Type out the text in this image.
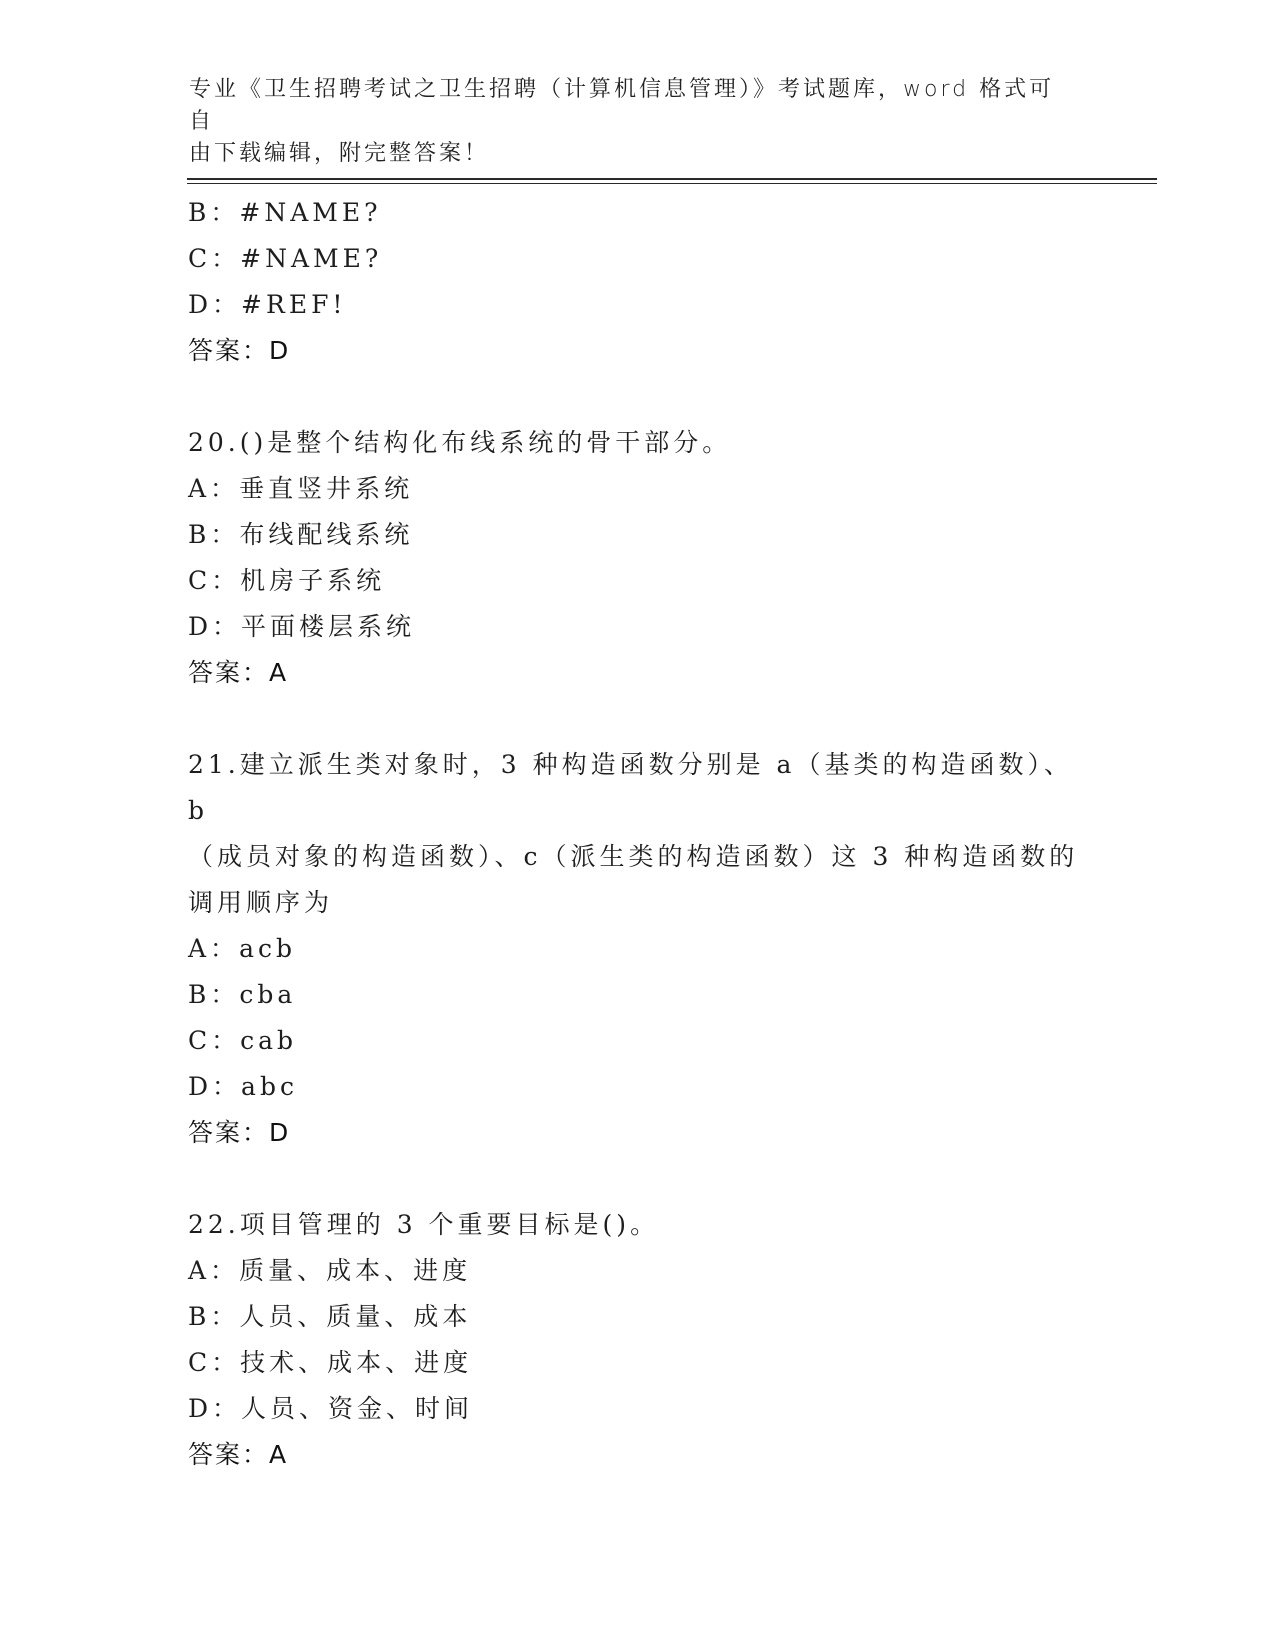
专业《卫生招聘考试之卫生招聘（计算机信息管理）》考试题库，word 格式可自
由下载编辑，附完整答案！
B：#NAME?
C：#NAME?
D：#REF!
答案：D
20.()是整个结构化布线系统的骨干部分。
A：垂直竖井系统
B：布线配线系统
C：机房子系统
D：平面楼层系统
答案：A
21.建立派生类对象时，3 种构造函数分别是 a（基类的构造函数）、b
（成员对象的构造函数）、c（派生类的构造函数）这 3 种构造函数的
调用顺序为
A：acb
B：cba
C：cab
D：abc
答案：D
22.项目管理的 3 个重要目标是()。
A：质量、成本、进度
B：人员、质量、成本
C：技术、成本、进度
D：人员、资金、时间
答案：A
